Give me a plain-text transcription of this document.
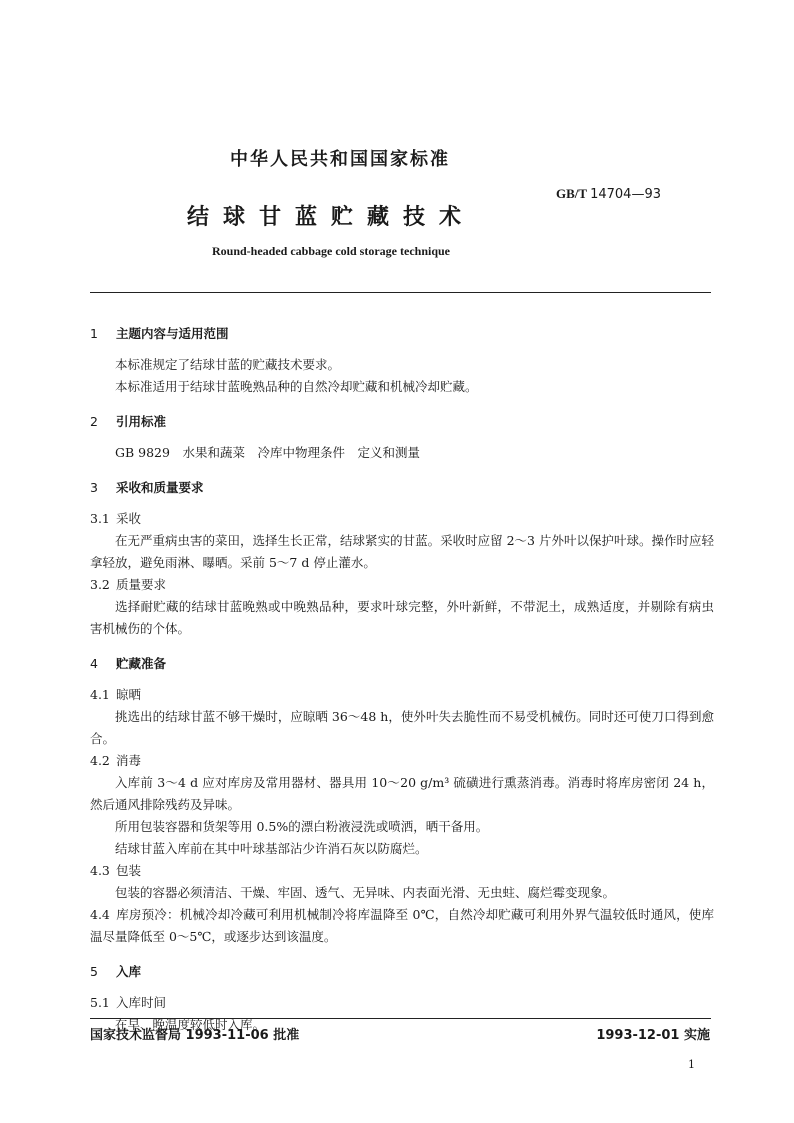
中华人民共和国国家标准
GB/T 14704—93
结球甘蓝贮藏技术
Round-headed cabbage cold storage technique

1 主题内容与适用范围

本标准规定了结球甘蓝的贮藏技术要求。

本标准适用于结球甘蓝晚熟品种的自然冷却贮藏和机械冷却贮藏。

2 引用标准

GB 9829　水果和蔬菜　冷库中物理条件　定义和测量

3 采收和质量要求

3.1 采收

在无严重病虫害的菜田，选择生长正常，结球紧实的甘蓝。采收时应留 2～3 片外叶以保护叶球。操作时应轻拿轻放，避免雨淋、曝晒。采前 5～7 d 停止灌水。

3.2 质量要求

选择耐贮藏的结球甘蓝晚熟或中晚熟品种，要求叶球完整，外叶新鲜，不带泥土，成熟适度，并剔除有病虫害机械伤的个体。

4 贮藏准备

4.1 晾晒

挑选出的结球甘蓝不够干燥时，应晾晒 36～48 h，使外叶失去脆性而不易受机械伤。同时还可使刀口得到愈合。

4.2 消毒

入库前 3～4 d 应对库房及常用器材、器具用 10～20 g/m³ 硫磺进行熏蒸消毒。消毒时将库房密闭 24 h，然后通风排除残药及异味。

所用包装容器和货架等用 0.5%的漂白粉液浸洗或喷洒，晒干备用。

结球甘蓝入库前在其中叶球基部沾少许消石灰以防腐烂。

4.3 包装

包装的容器必须清洁、干燥、牢固、透气、无异味、内表面光滑、无虫蛀、腐烂霉变现象。

4.4 库房预冷：机械冷却冷藏可利用机械制冷将库温降至 0℃，自然冷却贮藏可利用外界气温较低时通风，使库温尽量降低至 0～5℃，或逐步达到该温度。

5 入库

5.1 入库时间

在早、晚温度较低时入库。

国家技术监督局 1993-11-06 批准	1993-12-01 实施
1
